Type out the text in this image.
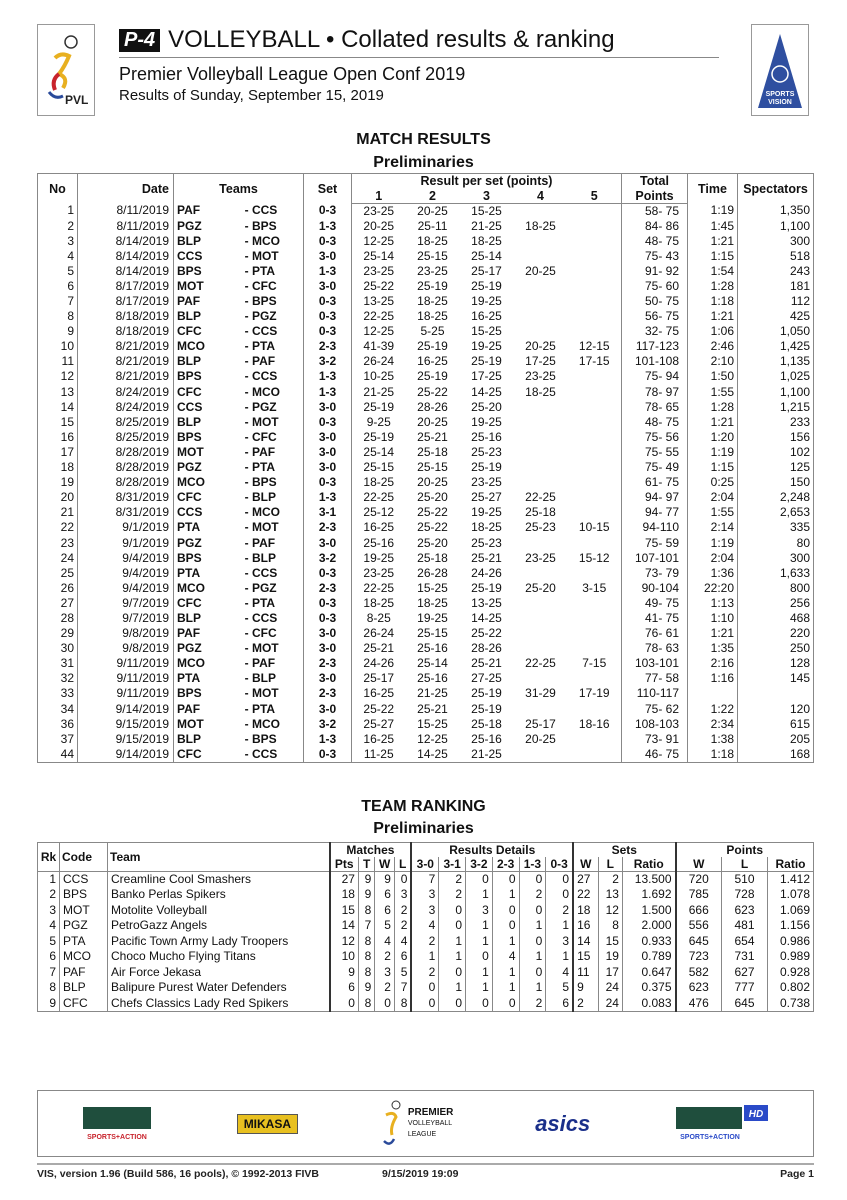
PVL
P-4 VOLLEYBALL • Collated results & ranking
Premier Volleyball League Open Conf 2019
Results of Sunday, September 15, 2019	SPORTS
VISION
MATCH RESULTS
Preliminaries
No	Date	Teams		Set	Result per set (points)					Total	Time	Spectators
					1	2	3	4	5	Points		
1	8/11/2019	PAF	- CCS	0-3	23-25	20-25	15-25			58- 75	1:19	1,350
2	8/11/2019	PGZ	- BPS	1-3	20-25	25-11	21-25	18-25		84- 86	1:45	1,100
3	8/14/2019	BLP	- MCO	0-3	12-25	18-25	18-25			48- 75	1:21	300
4	8/14/2019	CCS	- MOT	3-0	25-14	25-15	25-14			75- 43	1:15	518
5	8/14/2019	BPS	- PTA	1-3	23-25	23-25	25-17	20-25		91- 92	1:54	243
6	8/17/2019	MOT	- CFC	3-0	25-22	25-19	25-19			75- 60	1:28	181
7	8/17/2019	PAF	- BPS	0-3	13-25	18-25	19-25			50- 75	1:18	112
8	8/18/2019	BLP	- PGZ	0-3	22-25	18-25	16-25			56- 75	1:21	425
9	8/18/2019	CFC	- CCS	0-3	12-25	5-25	15-25			32- 75	1:06	1,050
10	8/21/2019	MCO	- PTA	2-3	41-39	25-19	19-25	20-25	12-15	117-123	2:46	1,425
11	8/21/2019	BLP	- PAF	3-2	26-24	16-25	25-19	17-25	17-15	101-108	2:10	1,135
12	8/21/2019	BPS	- CCS	1-3	10-25	25-19	17-25	23-25		75- 94	1:50	1,025
13	8/24/2019	CFC	- MCO	1-3	21-25	25-22	14-25	18-25		78- 97	1:55	1,100
14	8/24/2019	CCS	- PGZ	3-0	25-19	28-26	25-20			78- 65	1:28	1,215
15	8/25/2019	BLP	- MOT	0-3	9-25	20-25	19-25			48- 75	1:21	233
16	8/25/2019	BPS	- CFC	3-0	25-19	25-21	25-16			75- 56	1:20	156
17	8/28/2019	MOT	- PAF	3-0	25-14	25-18	25-23			75- 55	1:19	102
18	8/28/2019	PGZ	- PTA	3-0	25-15	25-15	25-19			75- 49	1:15	125
19	8/28/2019	MCO	- BPS	0-3	18-25	20-25	23-25			61- 75	0:25	150
20	8/31/2019	CFC	- BLP	1-3	22-25	25-20	25-27	22-25		94- 97	2:04	2,248
21	8/31/2019	CCS	- MCO	3-1	25-12	25-22	19-25	25-18		94- 77	1:55	2,653
22	9/1/2019	PTA	- MOT	2-3	16-25	25-22	18-25	25-23	10-15	94-110	2:14	335
23	9/1/2019	PGZ	- PAF	3-0	25-16	25-20	25-23			75- 59	1:19	80
24	9/4/2019	BPS	- BLP	3-2	19-25	25-18	25-21	23-25	15-12	107-101	2:04	300
25	9/4/2019	PTA	- CCS	0-3	23-25	26-28	24-26			73- 79	1:36	1,633
26	9/4/2019	MCO	- PGZ	2-3	22-25	15-25	25-19	25-20	3-15	90-104	22:20	800
27	9/7/2019	CFC	- PTA	0-3	18-25	18-25	13-25			49- 75	1:13	256
28	9/7/2019	BLP	- CCS	0-3	8-25	19-25	14-25			41- 75	1:10	468
29	9/8/2019	PAF	- CFC	3-0	26-24	25-15	25-22			76- 61	1:21	220
30	9/8/2019	PGZ	- MOT	3-0	25-21	25-16	28-26			78- 63	1:35	250
31	9/11/2019	MCO	- PAF	2-3	24-26	25-14	25-21	22-25	7-15	103-101	2:16	128
32	9/11/2019	PTA	- BLP	3-0	25-17	25-16	27-25			77- 58	1:16	145
33	9/11/2019	BPS	- MOT	2-3	16-25	21-25	25-19	31-29	17-19	110-117		
34	9/14/2019	PAF	- PTA	3-0	25-22	25-21	25-19			75- 62	1:22	120
36	9/15/2019	MOT	- MCO	3-2	25-27	15-25	25-18	25-17	18-16	108-103	2:34	615
37	9/15/2019	BLP	- BPS	1-3	16-25	12-25	25-16	20-25		73- 91	1:38	205
44	9/14/2019	CFC	- CCS	0-3	11-25	14-25	21-25			46- 75	1:18	168
TEAM RANKING
Preliminaries
Rk	Code	Team	Matches				Results Details						Sets			Points		
			Pts	T	W	L	3-0	3-1	3-2	2-3	1-3	0-3	W	L	Ratio	W	L	Ratio
1	CCS	Creamline Cool Smashers	27	9	9	0	7	2	0	0	0	0	27	2	13.500	720	510	1.412
2	BPS	Banko Perlas Spikers	18	9	6	3	3	2	1	1	2	0	22	13	1.692	785	728	1.078
3	MOT	Motolite Volleyball	15	8	6	2	3	0	3	0	0	2	18	12	1.500	666	623	1.069
4	PGZ	PetroGazz Angels	14	7	5	2	4	0	1	0	1	1	16	8	2.000	556	481	1.156
5	PTA	Pacific Town Army Lady Troopers	12	8	4	4	2	1	1	1	0	3	14	15	0.933	645	654	0.986
6	MCO	Choco Mucho Flying Titans	10	8	2	6	1	1	0	4	1	1	15	19	0.789	723	731	0.989
7	PAF	Air Force Jekasa	9	8	3	5	2	0	1	1	0	4	11	17	0.647	582	627	0.928
8	BLP	Balipure Purest Water Defenders	6	9	2	7	0	1	1	1	1	5	9	24	0.375	623	777	0.802
9	CFC	Chefs Classics Lady Red Spikers	0	8	0	8	0	0	0	0	2	6	2	24	0.083	476	645	0.738
SPORTS+ACTION
MIKASA
PREMIER
VOLLEYBALL
LEAGUE	asics	HD
SPORTS+ACTION
VIS, version 1.96 (Build 586, 16 pools), © 1992-2013 FIVB	9/15/2019 19:09	Page 1
